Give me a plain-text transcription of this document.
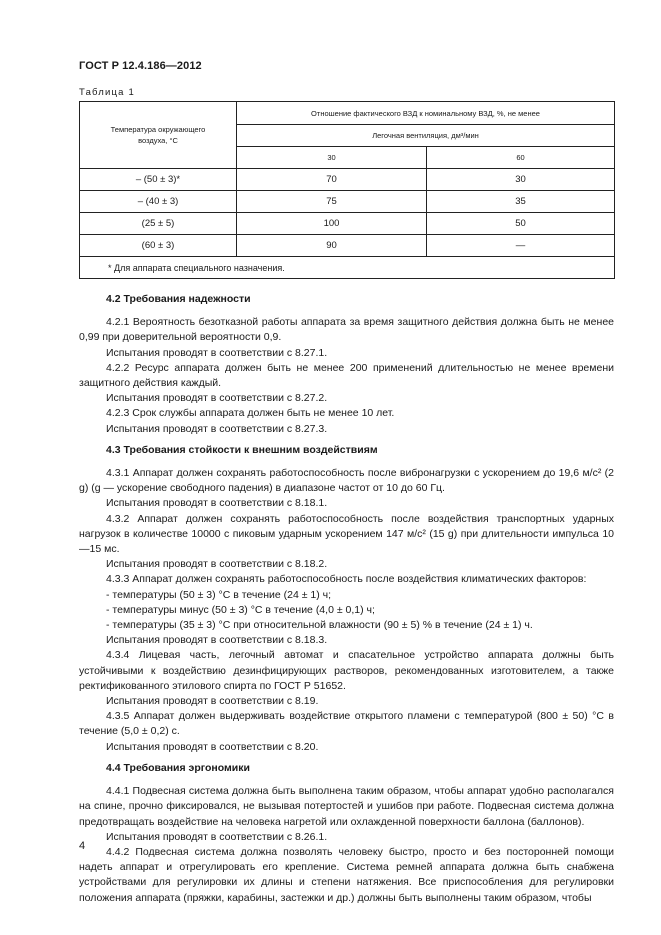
ГОСТ Р 12.4.186—2012
Таблица 1
Температура окружающего воздуха, °С	Отношение фактического ВЗД к номинальному ВЗД, %, не менее	
	Легочная вентиляция, дм³/мин	
	30	60
– (50 ± 3)*	70	30
– (40 ± 3)	75	35
(25 ± 5)	100	50
(60 ± 3)	90	—
* Для аппарата специального назначения.		

4.2 Требования надежности

4.2.1 Вероятность безотказной работы аппарата за время защитного действия должна быть не менее 0,99 при доверительной вероятности 0,9.

Испытания проводят в соответствии с 8.27.1.

4.2.2 Ресурс аппарата должен быть не менее 200 применений длительностью не менее времени защитного действия каждый.

Испытания проводят в соответствии с 8.27.2.

4.2.3 Срок службы аппарата должен быть не менее 10 лет.

Испытания проводят в соответствии с 8.27.3.

4.3 Требования стойкости к внешним воздействиям

4.3.1 Аппарат должен сохранять работоспособность после вибронагрузки с ускорением до 19,6 м/с² (2 g) (g — ускорение свободного падения) в диапазоне частот от 10 до 60 Гц.

Испытания проводят в соответствии с 8.18.1.

4.3.2 Аппарат должен сохранять работоспособность после воздействия транспортных ударных нагрузок в количестве 10000 с пиковым ударным ускорением 147 м/с² (15 g) при длительности импульса 10—15 мс.

Испытания проводят в соответствии с 8.18.2.

4.3.3 Аппарат должен сохранять работоспособность после воздействия климатических факторов:

- температуры (50 ± 3) °С в течение (24 ± 1) ч;

- температуры минус (50 ± 3) °С в течение (4,0 ± 0,1) ч;

- температуры (35 ± 3) °С при относительной влажности (90 ± 5) % в течение (24 ± 1) ч.

Испытания проводят в соответствии с 8.18.3.

4.3.4 Лицевая часть, легочный автомат и спасательное устройство аппарата должны быть устойчивыми к воздействию дезинфицирующих растворов, рекомендованных изготовителем, а также ректификованного этилового спирта по ГОСТ Р 51652.

Испытания проводят в соответствии с 8.19.

4.3.5 Аппарат должен выдерживать воздействие открытого пламени с температурой (800 ± 50) °С в течение (5,0 ± 0,2) с.

Испытания проводят в соответствии с 8.20.

4.4 Требования эргономики

4.4.1 Подвесная система должна быть выполнена таким образом, чтобы аппарат удобно располагался на спине, прочно фиксировался, не вызывая потертостей и ушибов при работе. Подвесная система должна предотвращать воздействие на человека нагретой или охлажденной поверхности баллона (баллонов).

Испытания проводят в соответствии с 8.26.1.

4.4.2 Подвесная система должна позволять человеку быстро, просто и без посторонней помощи надеть аппарат и отрегулировать его крепление. Система ремней аппарата должна быть снабжена устройствами для регулировки их длины и степени натяжения. Все приспособления для регулировки положения аппарата (пряжки, карабины, застежки и др.) должны быть выполнены таким образом, чтобы

4
